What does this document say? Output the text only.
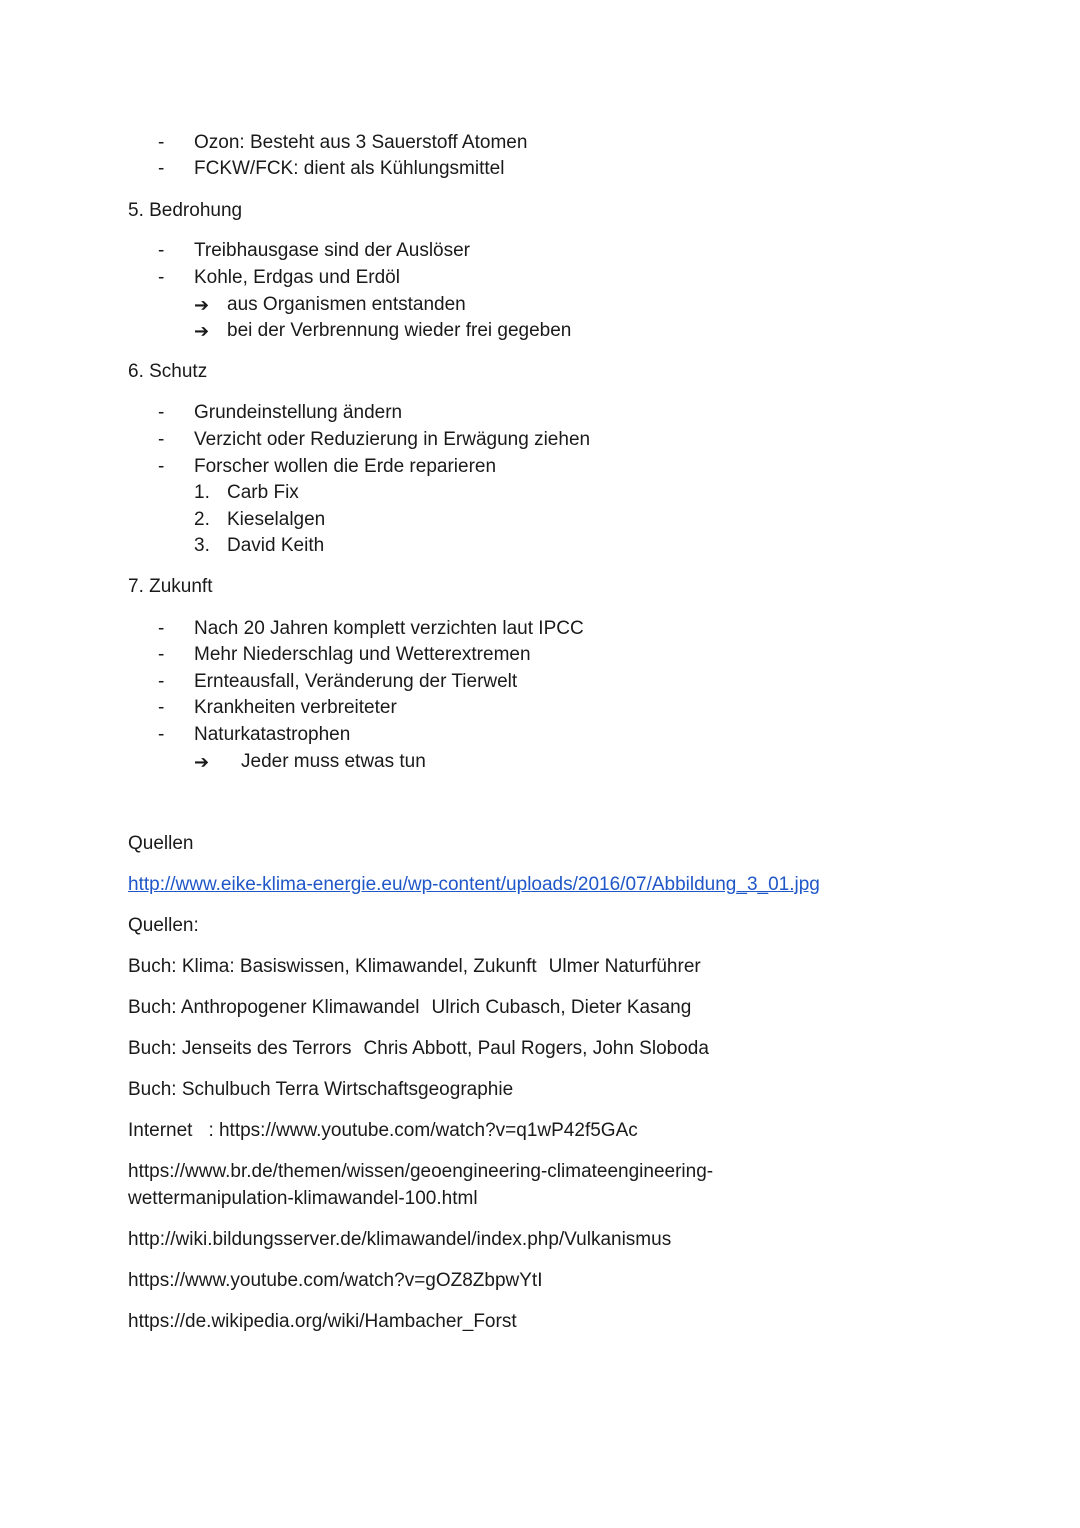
- Ozon: Besteht aus 3 Sauerstoff Atomen
- FCKW/FCK: dient als Kühlungsmittel
5. Bedrohung
- Treibhausgase sind der Auslöser
- Kohle, Erdgas und Erdöl
➔ aus Organismen entstanden
➔ bei der Verbrennung wieder frei gegeben
6. Schutz
- Grundeinstellung ändern
- Verzicht oder Reduzierung in Erwägung ziehen
- Forscher wollen die Erde reparieren
1. Carb Fix
2. Kieselalgen
3. David Keith
7. Zukunft
- Nach 20 Jahren komplett verzichten laut IPCC
- Mehr Niederschlag und Wetterextremen
- Ernteausfall, Veränderung der Tierwelt
- Krankheiten verbreiteter
- Naturkatastrophen
➔ Jeder muss etwas tun
Quellen
http://www.eike-klima-energie.eu/wp-content/uploads/2016/07/Abbildung_3_01.jpg
Quellen:
Buch: Klima: Basiswissen, Klimawandel, Zukunft Ulmer Naturführer
Buch: Anthropogener Klimawandel Ulrich Cubasch, Dieter Kasang
Buch: Jenseits des Terrors Chris Abbott, Paul Rogers, John Sloboda
Buch: Schulbuch Terra Wirtschaftsgeographie
Internet : https://www.youtube.com/watch?v=q1wP42f5GAc
https://www.br.de/themen/wissen/geoengineering-climateengineering-
wettermanipulation-klimawandel-100.html
http://wiki.bildungsserver.de/klimawandel/index.php/Vulkanismus
https://www.youtube.com/watch?v=gOZ8ZbpwYtI
https://de.wikipedia.org/wiki/Hambacher_Forst
